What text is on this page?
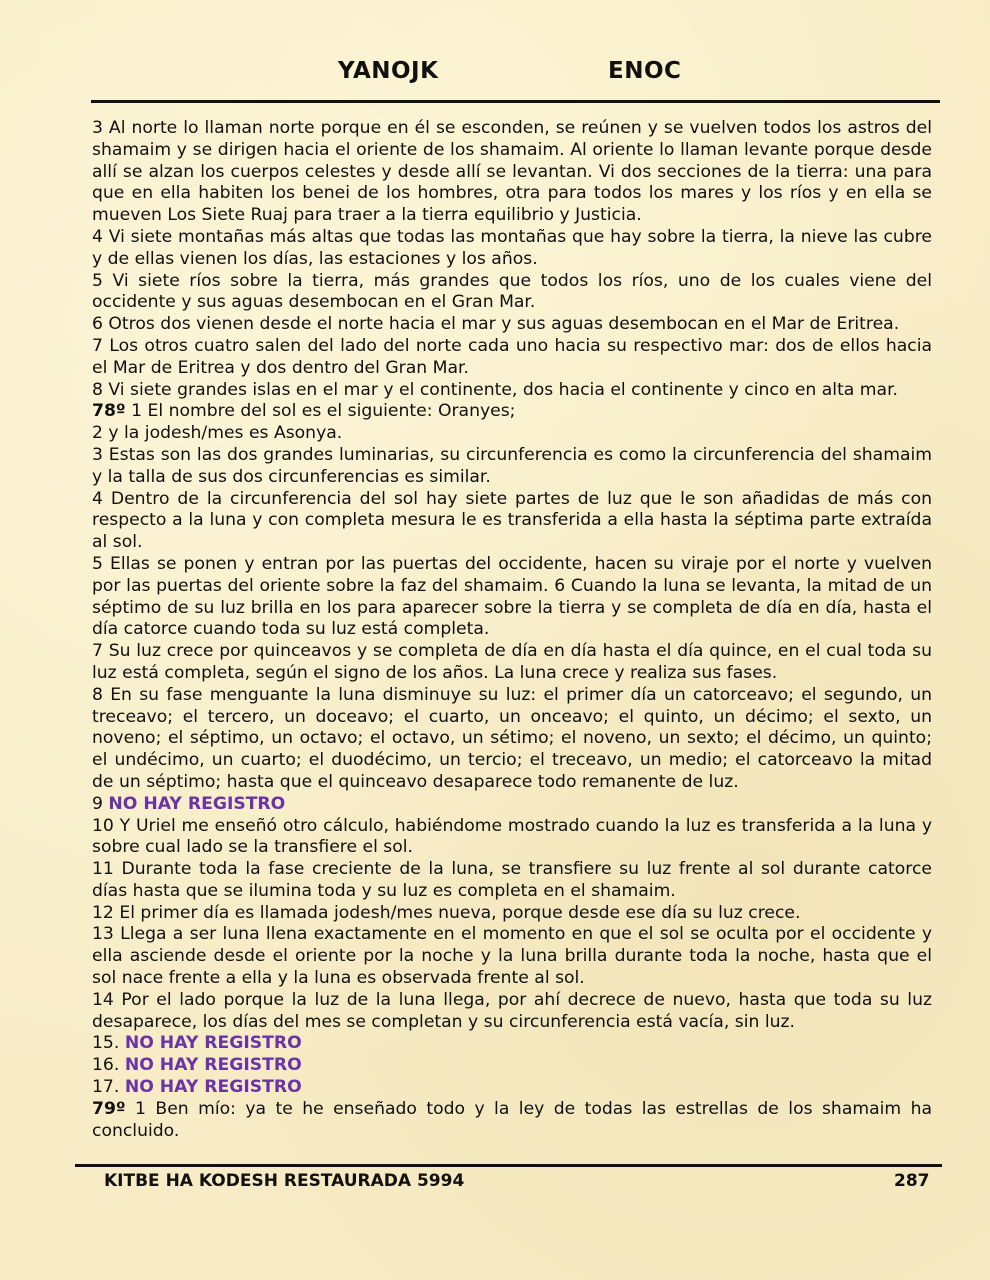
YANOJK	ENOC

3 Al norte lo llaman norte porque en él se esconden, se reúnen y se vuelven todos los astros del shamaim y se dirigen hacia el oriente de los shamaim. Al oriente lo llaman levante porque desde allí se alzan los cuerpos celestes y desde allí se levantan. Vi dos secciones de la tierra: una para que en ella habiten los benei de los hombres, otra para todos los mares y los ríos y en ella se mueven Los Siete Ruaj para traer a la tierra equilibrio y Justicia.

4 Vi siete montañas más altas que todas las montañas que hay sobre la tierra, la nieve las cubre y de ellas vienen los días, las estaciones y los años.

5 Vi siete ríos sobre la tierra, más grandes que todos los ríos, uno de los cuales viene del occidente y sus aguas desembocan en el Gran Mar.

6 Otros dos vienen desde el norte hacia el mar y sus aguas desembocan en el Mar de Eritrea.

7 Los otros cuatro salen del lado del norte cada uno hacia su respectivo mar: dos de ellos hacia el Mar de Eritrea y dos dentro del Gran Mar.

8 Vi siete grandes islas en el mar y el continente, dos hacia el continente y cinco en alta mar.

78º 1 El nombre del sol es el siguiente: Oranyes;

2 y la jodesh/mes es Asonya.

3 Estas son las dos grandes luminarias, su circunferencia es como la circunferencia del shamaim y la talla de sus dos circunferencias es similar.

4 Dentro de la circunferencia del sol hay siete partes de luz que le son añadidas de más con respecto a la luna y con completa mesura le es transferida a ella hasta la séptima parte extraída al sol.

5 Ellas se ponen y entran por las puertas del occidente, hacen su viraje por el norte y vuelven por las puertas del oriente sobre la faz del shamaim. 6 Cuando la luna se levanta, la mitad de un séptimo de su luz brilla en los para aparecer sobre la tierra y se completa de día en día, hasta el día catorce cuando toda su luz está completa.

7 Su luz crece por quinceavos y se completa de día en día hasta el día quince, en el cual toda su luz está completa, según el signo de los años. La luna crece y realiza sus fases.

8 En su fase menguante la luna disminuye su luz: el primer día un catorceavo; el segundo, un treceavo; el tercero, un doceavo; el cuarto, un onceavo; el quinto, un décimo; el sexto, un noveno; el séptimo, un octavo; el octavo, un sétimo; el noveno, un sexto; el décimo, un quinto; el undécimo, un cuarto; el duodécimo, un tercio; el treceavo, un medio; el catorceavo la mitad de un séptimo; hasta que el quinceavo desaparece todo remanente de luz.

9 NO HAY REGISTRO

10 Y Uriel me enseñó otro cálculo, habiéndome mostrado cuando la luz es transferida a la luna y sobre cual lado se la transfiere el sol.

11 Durante toda la fase creciente de la luna, se transfiere su luz frente al sol durante catorce días hasta que se ilumina toda y su luz es completa en el shamaim.

12 El primer día es llamada jodesh/mes nueva, porque desde ese día su luz crece.

13 Llega a ser luna llena exactamente en el momento en que el sol se oculta por el occidente y ella asciende desde el oriente por la noche y la luna brilla durante toda la noche, hasta que el sol nace frente a ella y la luna es observada frente al sol.

14 Por el lado porque la luz de la luna llega, por ahí decrece de nuevo, hasta que toda su luz desaparece, los días del mes se completan y su circunferencia está vacía, sin luz.

15. NO HAY REGISTRO

16. NO HAY REGISTRO

17. NO HAY REGISTRO

79º 1 Ben mío: ya te he enseñado todo y la ley de todas las estrellas de los shamaim ha concluido.

KITBE HA KODESH RESTAURADA 5994	287
